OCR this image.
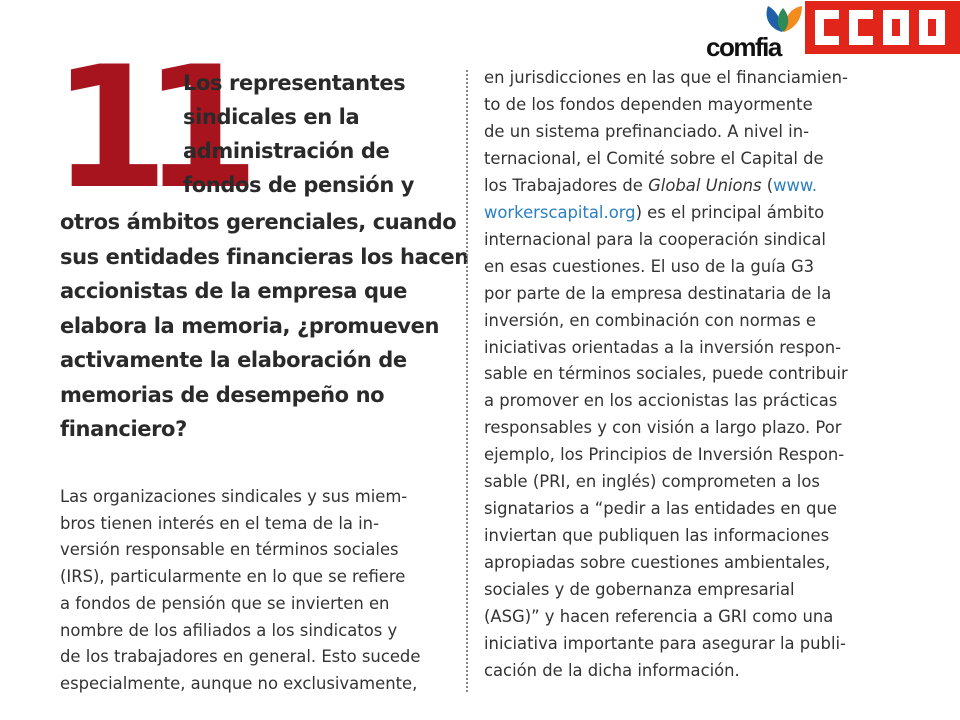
comfia
11
Los representantes
sindicales en la
administración de
fondos de pensión y
otros ámbitos gerenciales, cuando
sus entidades financieras los hacen
accionistas de la empresa que
elabora la memoria, ¿promueven
activamente la elaboración de
memorias de desempeño no
financiero?
Las organizaciones sindicales y sus miem-
bros tienen interés en el tema de la in-
versión responsable en términos sociales
(IRS), particularmente en lo que se refiere
a fondos de pensión que se invierten en
nombre de los afiliados a los sindicatos y
de los trabajadores en general. Esto sucede
especialmente, aunque no exclusivamente,
en jurisdicciones en las que el financiamien-
to de los fondos dependen mayormente
de un sistema prefinanciado. A nivel in-
ternacional, el Comité sobre el Capital de
los Trabajadores de Global Unions (www.
workerscapital.org) es el principal ámbito
internacional para la cooperación sindical
en esas cuestiones. El uso de la guía G3
por parte de la empresa destinataria de la
inversión, en combinación con normas e
iniciativas orientadas a la inversión respon-
sable en términos sociales, puede contribuir
a promover en los accionistas las prácticas
responsables y con visión a largo plazo. Por
ejemplo, los Principios de Inversión Respon-
sable (PRI, en inglés) comprometen a los
signatarios a “pedir a las entidades en que
inviertan que publiquen las informaciones
apropiadas sobre cuestiones ambientales,
sociales y de gobernanza empresarial
(ASG)” y hacen referencia a GRI como una
iniciativa importante para asegurar la publi-
cación de la dicha información.
